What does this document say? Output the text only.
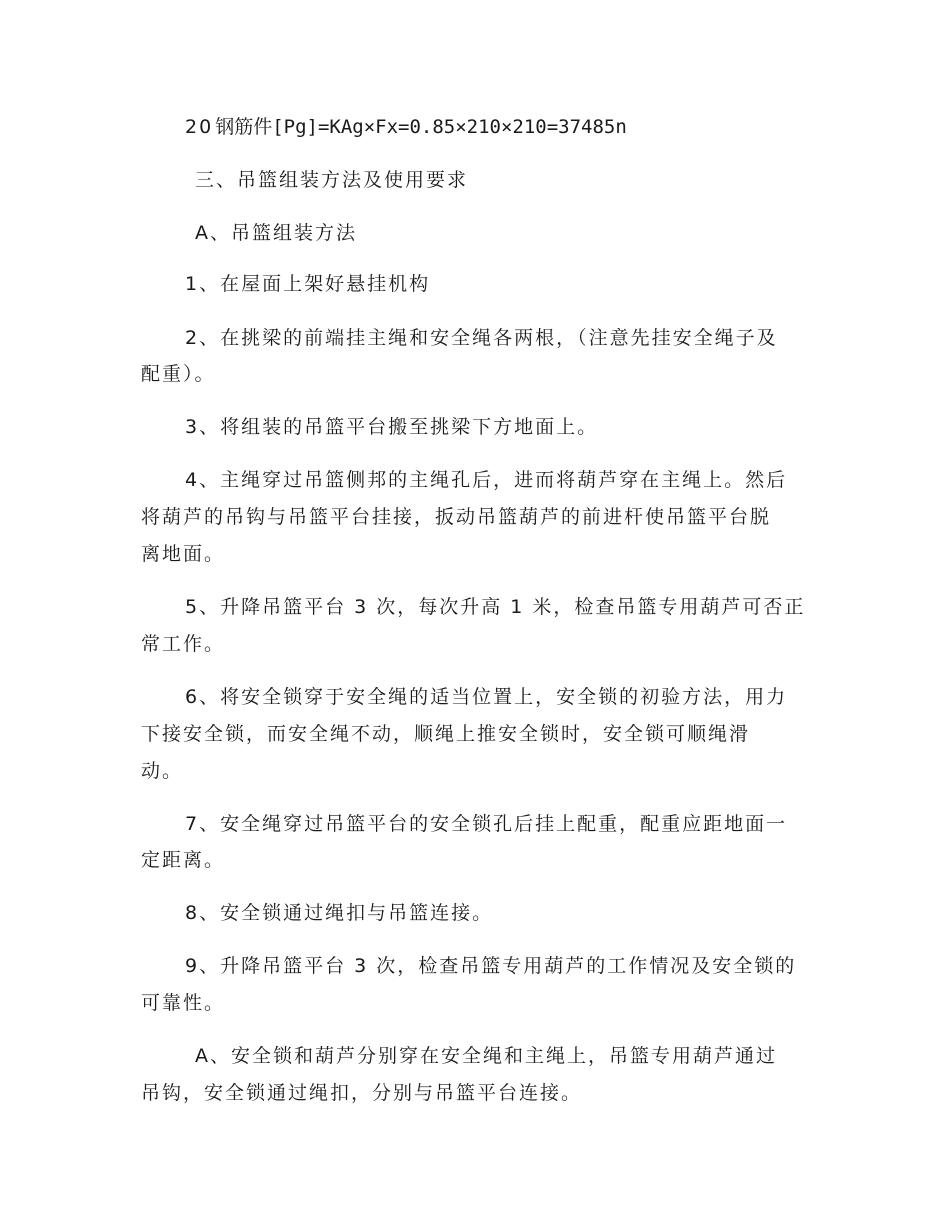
20 钢筋件[Pg]=KAg×Fx=0.85×210×210=37485n
三、吊篮组装方法及使用要求
A、吊篮组装方法
1、在屋面上架好悬挂机构
2、在挑梁的前端挂主绳和安全绳各两根，（注意先挂安全绳子及
配重）。
3、将组装的吊篮平台搬至挑梁下方地面上。
4、主绳穿过吊篮侧邦的主绳孔后，进而将葫芦穿在主绳上。然后
将葫芦的吊钩与吊篮平台挂接，扳动吊篮葫芦的前进杆使吊篮平台脱
离地面。
5、升降吊篮平台 3 次，每次升高 1 米，检查吊篮专用葫芦可否正
常工作。
6、将安全锁穿于安全绳的适当位置上，安全锁的初验方法，用力
下接安全锁，而安全绳不动，顺绳上推安全锁时，安全锁可顺绳滑
动。
7、安全绳穿过吊篮平台的安全锁孔后挂上配重，配重应距地面一
定距离。
8、安全锁通过绳扣与吊篮连接。
9、升降吊篮平台 3 次，检查吊篮专用葫芦的工作情况及安全锁的
可靠性。
A、安全锁和葫芦分别穿在安全绳和主绳上，吊篮专用葫芦通过
吊钩，安全锁通过绳扣，分别与吊篮平台连接。
